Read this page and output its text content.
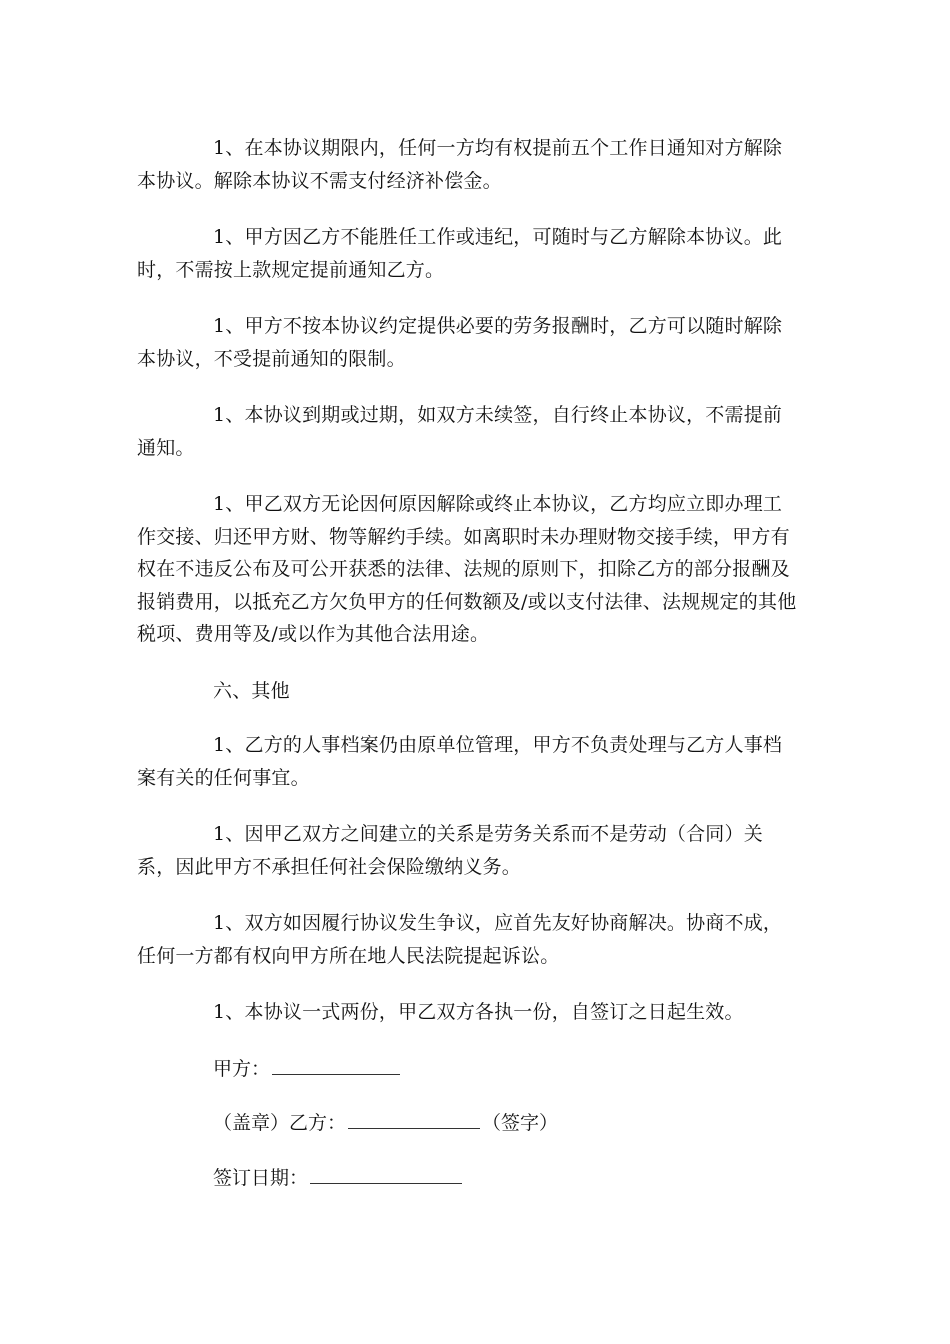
1、在本协议期限内，任何一方均有权提前五个工作日通知对方解除本协议。解除本协议不需支付经济补偿金。

1、甲方因乙方不能胜任工作或违纪，可随时与乙方解除本协议。此时，不需按上款规定提前通知乙方。

1、甲方不按本协议约定提供必要的劳务报酬时，乙方可以随时解除本协议，不受提前通知的限制。

1、本协议到期或过期，如双方未续签，自行终止本协议，不需提前通知。

1、甲乙双方无论因何原因解除或终止本协议，乙方均应立即办理工作交接、归还甲方财、物等解约手续。如离职时未办理财物交接手续，甲方有权在不违反公布及可公开获悉的法律、法规的原则下，扣除乙方的部分报酬及报销费用，以抵充乙方欠负甲方的任何数额及/或以支付法律、法规规定的其他税项、费用等及/或以作为其他合法用途。

六、其他

1、乙方的人事档案仍由原单位管理，甲方不负责处理与乙方人事档案有关的任何事宜。

1、因甲乙双方之间建立的关系是劳务关系而不是劳动（合同）关系，因此甲方不承担任何社会保险缴纳义务。

1、双方如因履行协议发生争议，应首先友好协商解决。协商不成，任何一方都有权向甲方所在地人民法院提起诉讼。

1、本协议一式两份，甲乙双方各执一份，自签订之日起生效。

甲方：
（盖章）乙方：	（签字）
签订日期：
